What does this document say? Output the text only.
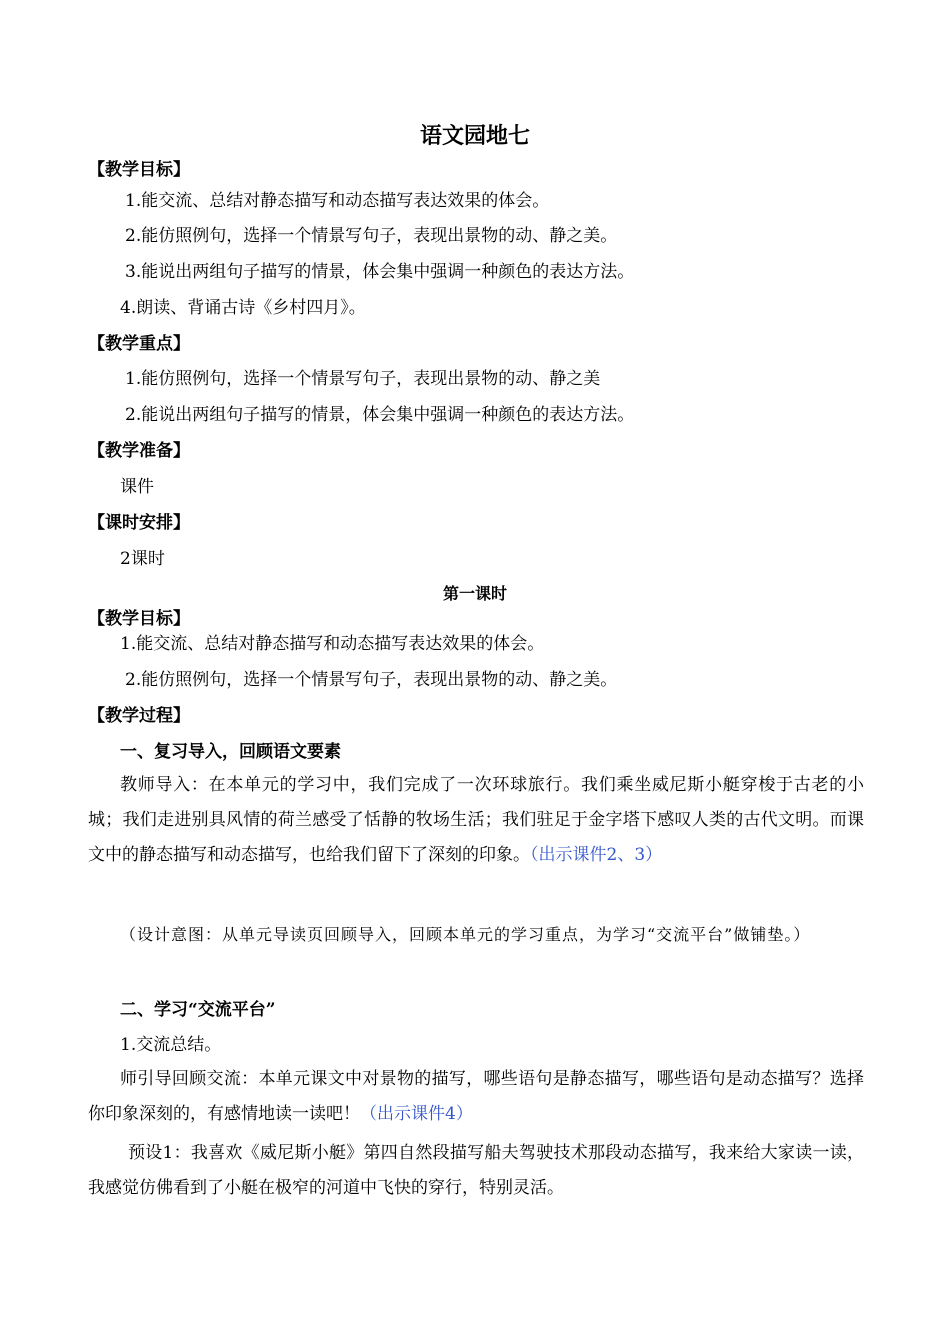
语文园地七
【教学目标】
1.能交流、总结对静态描写和动态描写表达效果的体会。
2.能仿照例句，选择一个情景写句子，表现出景物的动、静之美。
3.能说出两组句子描写的情景，体会集中强调一种颜色的表达方法。
4.朗读、背诵古诗《乡村四月》。
【教学重点】
1.能仿照例句，选择一个情景写句子，表现出景物的动、静之美
2.能说出两组句子描写的情景，体会集中强调一种颜色的表达方法。
【教学准备】
课件
【课时安排】
2课时
第一课时
【教学目标】
1.能交流、总结对静态描写和动态描写表达效果的体会。
2.能仿照例句，选择一个情景写句子，表现出景物的动、静之美。
【教学过程】
一、复习导入，回顾语文要素

教师导入：在本单元的学习中，我们完成了一次环球旅行。我们乘坐威尼斯小艇穿梭于古老的小城；我们走进别具风情的荷兰感受了恬静的牧场生活；我们驻足于金字塔下感叹人类的古代文明。而课文中的静态描写和动态描写，也给我们留下了深刻的印象。（出示课件2、3）

（设计意图：从单元导读页回顾导入，回顾本单元的学习重点，为学习“交流平台”做铺垫。）

二、学习“交流平台”
1.交流总结。

师引导回顾交流：本单元课文中对景物的描写，哪些语句是静态描写，哪些语句是动态描写？选择你印象深刻的，有感情地读一读吧！（出示课件4）

预设1：我喜欢《威尼斯小艇》第四自然段描写船夫驾驶技术那段动态描写，我来给大家读一读，我感觉仿佛看到了小艇在极窄的河道中飞快的穿行，特别灵活。
